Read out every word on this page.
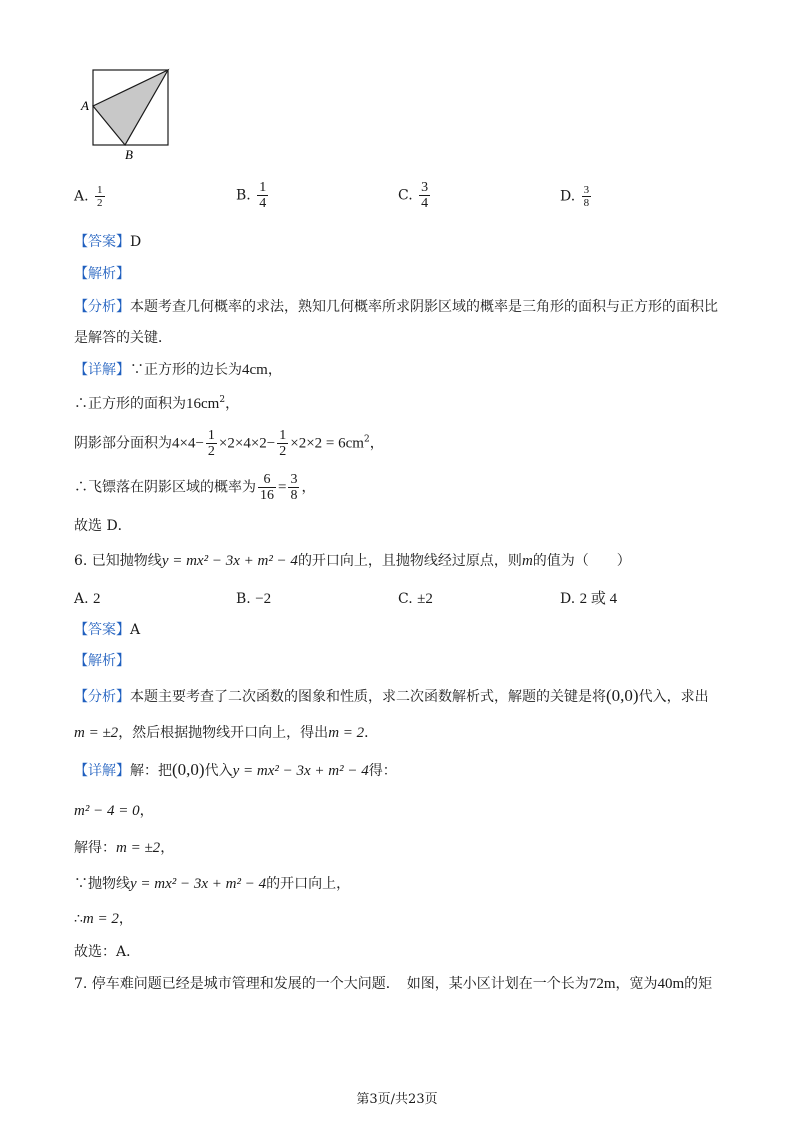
A
B
A. $\frac{1}{2}$	B. $\frac{1}{4}$	C. $\frac{3}{4}$	D. $\frac{3}{8}$
【答案】D
【解析】
【分析】本题考查几何概率的求法，熟知几何概率所求阴影区域的概率是三角形的面积与正方形的面积比
是解答的关键．
【详解】∵正方形的边长为4cm，
∴正方形的面积为$16cm^2$，
阴影部分面积为$4\times 4- \frac{1}{2} \times 2\times 4\times 2- \frac{1}{2} \times 2\times 2 = 6cm^2$，
∴飞镖落在阴影区域的概率为 $\frac{6}{16} = \frac{3}{8}$ ，
故选 D．
6. 已知抛物线y = mx² − 3x + m² − 4的开口向上，且抛物线经过原点，则m的值为（　　）
A. 2	B. −2	C. ±2	D. 2 或 4
【答案】A
【解析】
【分析】本题主要考查了二次函数的图象和性质，求二次函数解析式，解题的关键是将(0,0)代入，求出
m = ±2，然后根据抛物线开口向上，得出m = 2．
【详解】解：把(0,0)代入y = mx² − 3x + m² − 4得：
m² − 4 = 0，
解得：m = ±2，
∵抛物线y = mx² − 3x + m² − 4的开口向上，
∴m = 2，
故选：A．
7. 停车难问题已经是城市管理和发展的一个大问题．　如图，某小区计划在一个长为72m，宽为40m的矩
第3页/共23页
